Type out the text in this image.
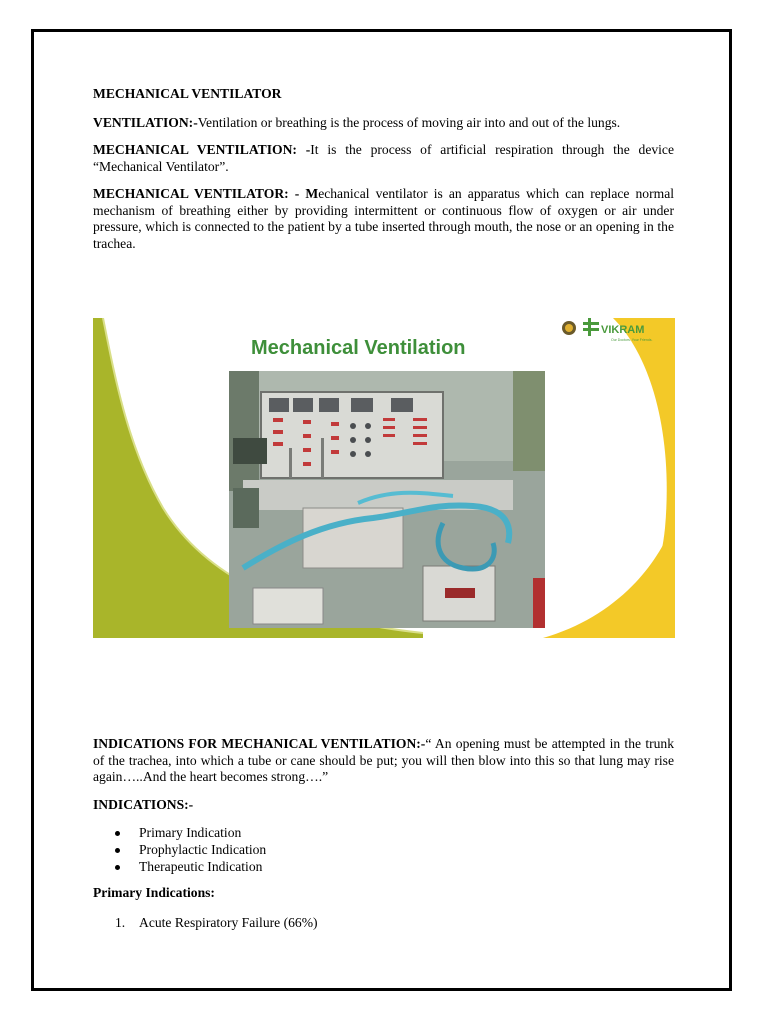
MECHANICAL VENTILATOR

VENTILATION:-Ventilation or breathing is the process of moving air into and out of the lungs.

MECHANICAL VENTILATION: -It is the process of artificial respiration through the device “Mechanical Ventilator”.

MECHANICAL VENTILATOR: - Mechanical ventilator is an apparatus which can replace normal mechanism of breathing either by providing intermittent or continuous flow of oxygen or air under pressure, which is connected to the patient by a tube inserted through mouth, the nose or an opening in the trachea.

Mechanical Ventilation
VIKRAM
Our Doctors. Your Friends.

INDICATIONS FOR MECHANICAL VENTILATION:-“ An opening must be attempted in the trunk of the trachea, into which a tube or cane should be put; you will then blow into this so that lung may rise again…..And the heart becomes strong….”

INDICATIONS:-

Primary Indication
Prophylactic Indication
Therapeutic Indication

Primary Indications:

1.	Acute Respiratory Failure (66%)
